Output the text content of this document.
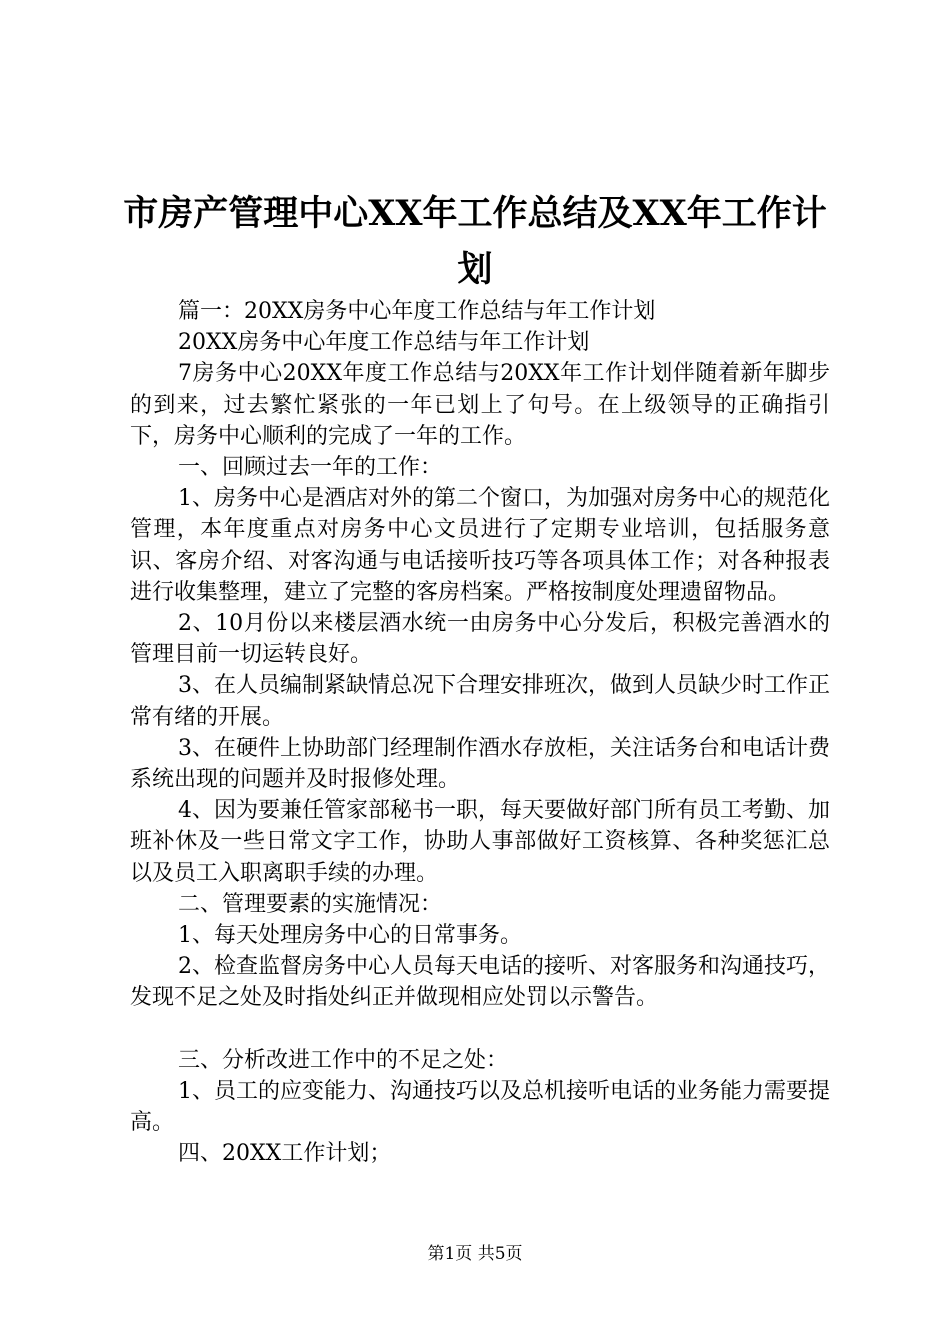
市房产管理中心XX年工作总结及XX年工作计划

篇一：20XX房务中心年度工作总结与年工作计划

20XX房务中心年度工作总结与年工作计划

7房务中心20XX年度工作总结与20XX年工作计划伴随着新年脚步的到来，过去繁忙紧张的一年已划上了句号。在上级领导的正确指引下，房务中心顺利的完成了一年的工作。

一、回顾过去一年的工作：

1、房务中心是酒店对外的第二个窗口，为加强对房务中心的规范化管理，本年度重点对房务中心文员进行了定期专业培训，包括服务意识、客房介绍、对客沟通与电话接听技巧等各项具体工作；对各种报表进行收集整理，建立了完整的客房档案。严格按制度处理遗留物品。

2、10月份以来楼层酒水统一由房务中心分发后，积极完善酒水的管理目前一切运转良好。

3、在人员编制紧缺情总况下合理安排班次，做到人员缺少时工作正常有绪的开展。

3、在硬件上协助部门经理制作酒水存放柜，关注话务台和电话计费系统出现的问题并及时报修处理。

4、因为要兼任管家部秘书一职，每天要做好部门所有员工考勤、加班补休及一些日常文字工作，协助人事部做好工资核算、各种奖惩汇总以及员工入职离职手续的办理。

二、管理要素的实施情况：

1、每天处理房务中心的日常事务。

2、检查监督房务中心人员每天电话的接听、对客服务和沟通技巧，发现不足之处及时指处纠正并做现相应处罚以示警告。

三、分析改进工作中的不足之处：

1、员工的应变能力、沟通技巧以及总机接听电话的业务能力需要提高。

四、20XX工作计划；

第1页 共5页
